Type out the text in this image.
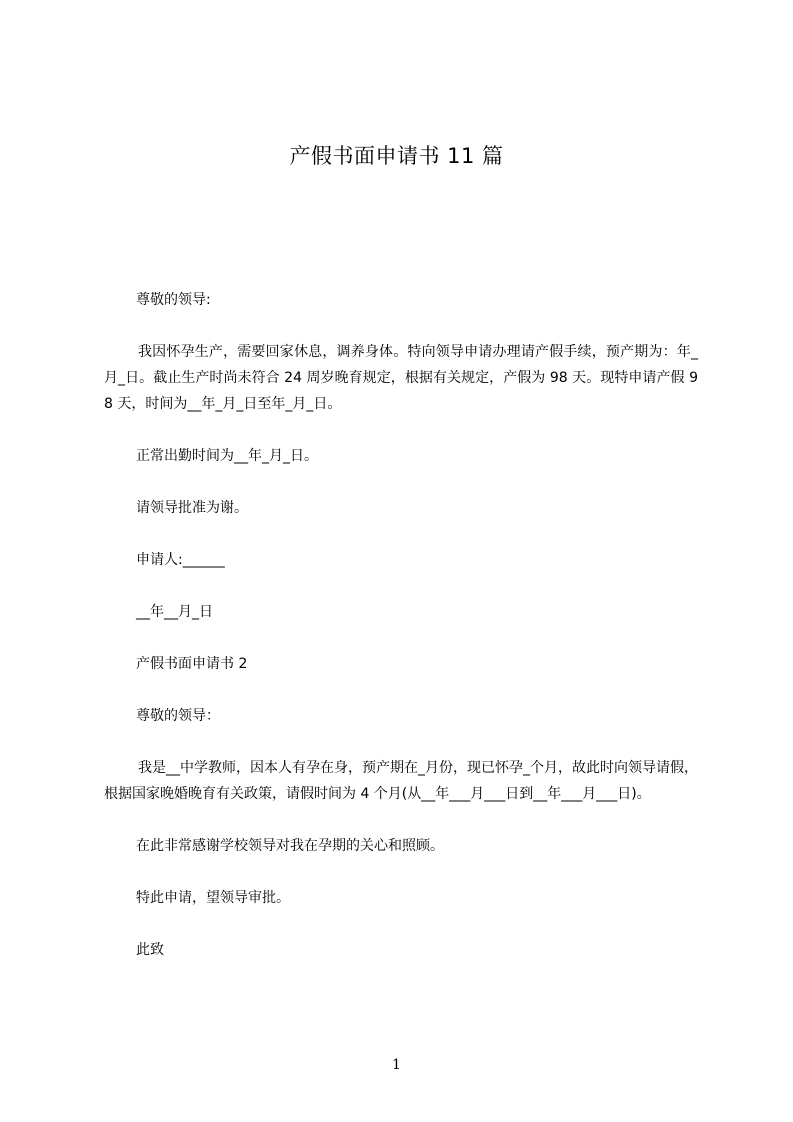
产假书面申请书 11 篇

尊敬的领导:

我因怀孕生产，需要回家休息，调养身体。特向领导申请办理请产假手续，预产期为：年_月_日。截止生产时尚未符合 24 周岁晚育规定，根据有关规定，产假为 98 天。现特申请产假 98 天，时间为__年_月_日至年_月_日。

正常出勤时间为__年_月_日。

请领导批准为谢。

申请人:______

__年__月_日

产假书面申请书 2

尊敬的领导：

我是__中学教师，因本人有孕在身，预产期在_月份，现已怀孕_个月，故此时向领导请假，根据国家晚婚晚育有关政策，请假时间为 4 个月(从__年___月___日到__年___月___日)。

在此非常感谢学校领导对我在孕期的关心和照顾。

特此申请，望领导审批。

此致

1
